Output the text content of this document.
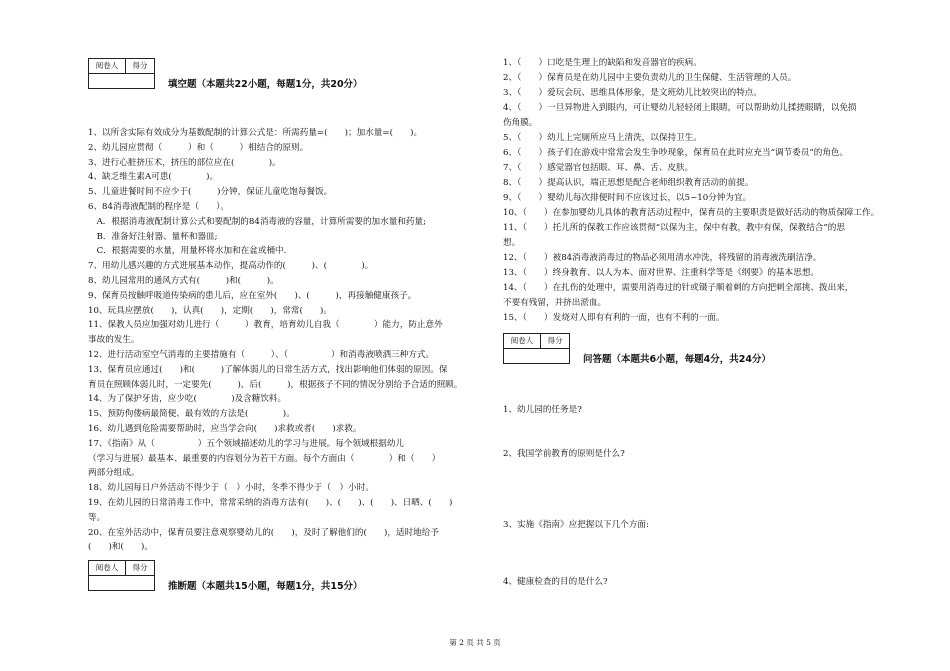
阅卷人	得分
填空题（本题共22小题，每题1分，共20分）
1、以所含实际有效成分为基数配制的计算公式是：所需药量=(　　)；加水量=(　　)。
2、幼儿园应贯彻（　　　）和（　　　）相结合的原则。
3、进行心脏挤压术，挤压的部位应在(　　　　)。
4、缺乏维生素A可患(　　　　)。
5、儿童进餐时间不应少于(　　　)分钟，保证儿童吃饱每餐饭。
6、84消毒液配制的程序是（　　）。
　A．根据消毒液配制计算公式和要配制的84消毒液的容量，计算所需要的加水量和药量;
　B．准备好注射器、量杯和器皿;
　C．根据需要的水量，用量杯将水加和在盆或桶中.
7、用幼儿感兴趣的方式进展基本动作，提高动作的(　　　)、(　　　　)。
8、幼儿园常用的通风方式有(　　　)和(　　　)。
9、保育员按触呼吸道传染病的患儿后，应在室外(　　)、(　　　)，再接触健康孩子。
10、玩具应摆放(　　)，认真(　　)，定期(　　)，常常(　　)。
11、保教人员应加强对幼儿进行（　　　）教育，培育幼儿自我（　　　　）能力，防止意外
事故的发生。
12、进行活动室空气消毒的主要措施有（　　　）、（　　　　　）和消毒液喷洒三种方式。
13、保育员应通过(　　)和(　　　)了解体弱儿的日常生活方式，找出影响他们体弱的原因。保
育员在照顾体弱儿时，一定要先(　　　)，后(　　　)，根据孩子不同的情况分别给予合适的照顾。
14、为了保护牙齿，应少吃(　　　　)及含糖饮料。
15、预防佝偻病最简便、最有效的方法是(　　　　)。
16、幼儿遇到危险需要帮助时，应当学会向(　　)求救或者(　　)求救。
17、《指南》从（　　　　　）五个领域描述幼儿的学习与进展。每个领域根据幼儿
（学习与进展）最基本、最重要的内容划分为若干方面。每个方面由（　　　　）和（　　）
两部分组成。
18、幼儿园每日户外活动不得少于（　）小时，冬季不得少于（　）小时。
19、在幼儿园的日常消毒工作中，常常采纳的消毒方法有(　　)、(　　)、(　　)、日晒、(　　)
等。
20、在室外活动中，保育员要注意观察婴幼儿的(　　)，及时了解他们的(　　)，适时地给予
(　　)和(　　)。
阅卷人	得分
推断题（本题共15小题，每题1分，共15分）
1、（　　）口吃是生理上的缺陷和发音器官的疾病。
2、（　　）保育员是在幼儿园中主要负责幼儿的卫生保健、生活管理的人员。
3、（　　）爱玩会玩、思维具体形象，是文班幼儿比较突出的特点。
4、（　　）一旦异物进入到眼内，可让婴幼儿轻轻闭上眼睛，可以帮助幼儿揉搓眼睛，以免损
伤角膜。
5、（　　）幼儿上完厕所应马上清洗，以保持卫生。
6、（　　）孩子们在游戏中常常会发生争吵现象，保育员在此时应充当“调节委员”的角色。
7、（　　）感觉器官包括眼、耳、鼻、舌、皮肤。
8、（　　）提高认识，端正思想是配合老师组织教育活动的前提。
9、（　　）婴幼儿每次排便时间不应该过长，以5~10分钟为宜。
10、（　　）在参加婴幼儿具体的教育活动过程中，保育员的主要职责是做好活动的物质保障工作。
11、（　　）托儿所的保教工作应该贯彻“以保为主，保中有教，教中有保，保教结合”的思
想。
12、（　　）被84消毒液消毒过的物品必须用清水冲洗，将残留的消毒液洗刷洁净。
13、（　　）终身教育、以人为本、面对世界、注重科学等是《纲要》的基本思想。
14、（　　）在扎伤的处理中，需要用消毒过的针或镊子顺着刺的方向把刺全部挑、拨出来，
不要有残留，并挤出淤血。
15、（　　）发烧对人即有有利的一面，也有不利的一面。
阅卷人	得分
问答题（本题共6小题，每题4分，共24分）
1、幼儿园的任务是?
2、我国学前教育的原则是什么?
3、实施《指南》应把握以下几个方面:
4、健康检查的目的是什么?
第 2 页 共 5 页
